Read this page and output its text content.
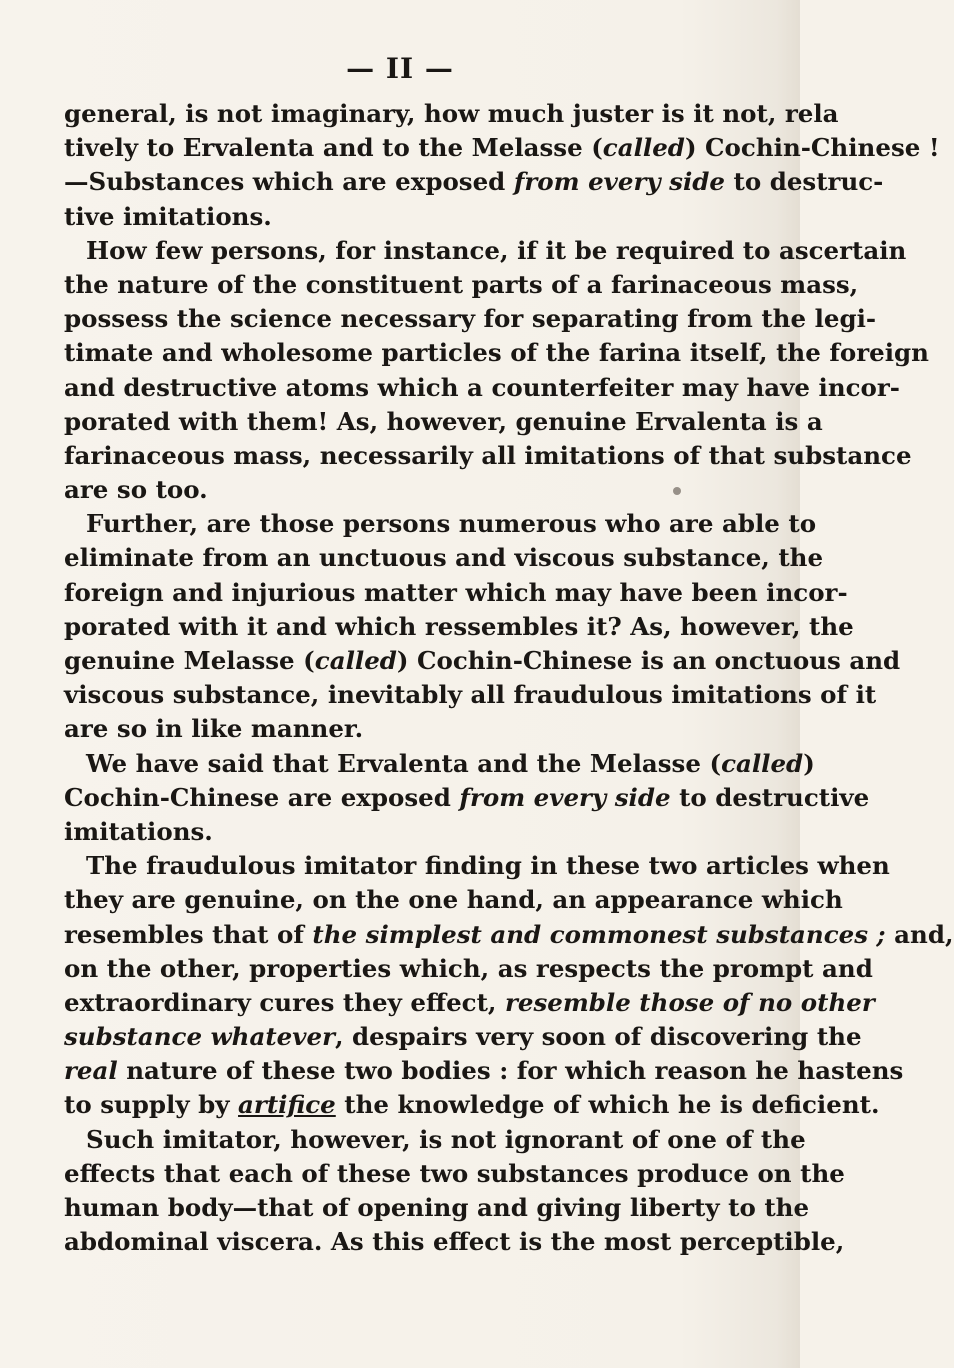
— II —
general, is not imaginary, how much juster is it not, rela
tively to Ervalenta and to the Melasse (called) Cochin-Chinese !
—Substances which are exposed from every side to destruc-
tive imitations.
How few persons, for instance, if it be required to ascertain
the nature of the constituent parts of a farinaceous mass,
possess the science necessary for separating from the legi-
timate and wholesome particles of the farina itself, the foreign
and destructive atoms which a counterfeiter may have incor-
porated with them! As, however, genuine Ervalenta is a
farinaceous mass, necessarily all imitations of that substance
are so too.
Further, are those persons numerous who are able to
eliminate from an unctuous and viscous substance, the
foreign and injurious matter which may have been incor-
porated with it and which ressembles it? As, however, the
genuine Melasse (called) Cochin-Chinese is an onctuous and
viscous substance, inevitably all fraudulous imitations of it
are so in like manner.
We have said that Ervalenta and the Melasse (called)
Cochin-Chinese are exposed from every side to destructive
imitations.
The fraudulous imitator finding in these two articles when
they are genuine, on the one hand, an appearance which
resembles that of the simplest and commonest substances ; and,
on the other, properties which, as respects the prompt and
extraordinary cures they effect, resemble those of no other
substance whatever, despairs very soon of discovering the
real nature of these two bodies : for which reason he hastens
to supply by artifice the knowledge of which he is deficient.
Such imitator, however, is not ignorant of one of the
effects that each of these two substances produce on the
human body—that of opening and giving liberty to the
abdominal viscera. As this effect is the most perceptible,
